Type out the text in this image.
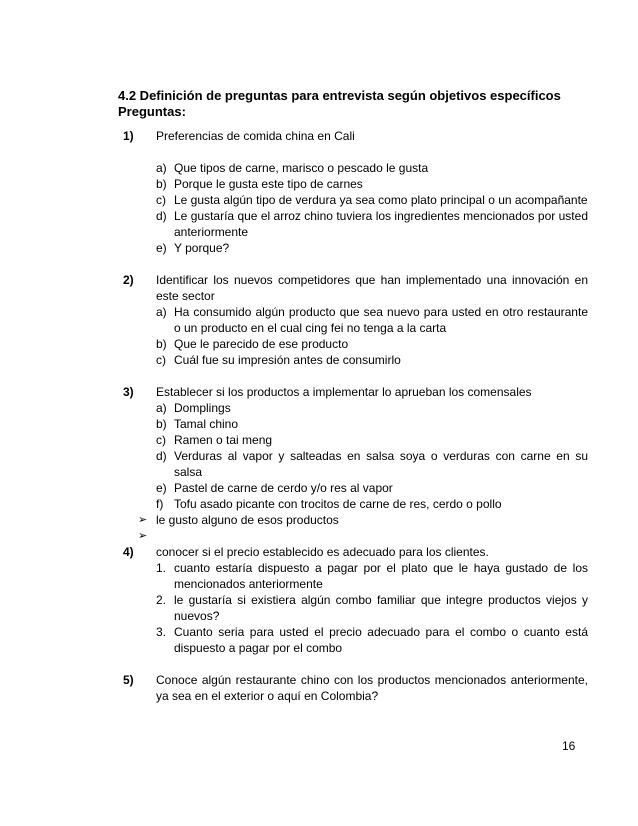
4.2 Definición de preguntas para entrevista según objetivos específicos
Preguntas:
1) Preferencias de comida china en Cali
a) Que tipos de carne, marisco o pescado le gusta
b) Porque le gusta este tipo de carnes
c) Le gusta algún tipo de verdura ya sea como plato principal o un acompañante
d) Le gustaría que el arroz chino tuviera los ingredientes mencionados por usted anteriormente
e) Y porque?
2) Identificar los nuevos competidores que han implementado una innovación en este sector
a) Ha consumido algún producto que sea nuevo para usted en otro restaurante o un producto en el cual cing fei no tenga a la carta
b) Que le parecido de ese producto
c) Cuál fue su impresión antes de consumirlo
3) Establecer si los productos a implementar lo aprueban los comensales
a) Domplings
b) Tamal chino
c) Ramen o tai meng
d) Verduras al vapor y salteadas en salsa soya o verduras con carne en su salsa
e) Pastel de carne de cerdo y/o res al vapor
f) Tofu asado picante con trocitos de carne de res, cerdo o pollo
➢ le gusto alguno de esos productos
➢
4) conocer si el precio establecido es adecuado para los clientes.
1. cuanto estaría dispuesto a pagar por el plato que le haya gustado de los mencionados anteriormente
2. le gustaría si existiera algún combo familiar que integre productos viejos y nuevos?
3. Cuanto seria para usted el precio adecuado para el combo o cuanto está dispuesto a pagar por el combo
5) Conoce algún restaurante chino con los productos mencionados anteriormente, ya sea en el exterior o aquí en Colombia?
16
